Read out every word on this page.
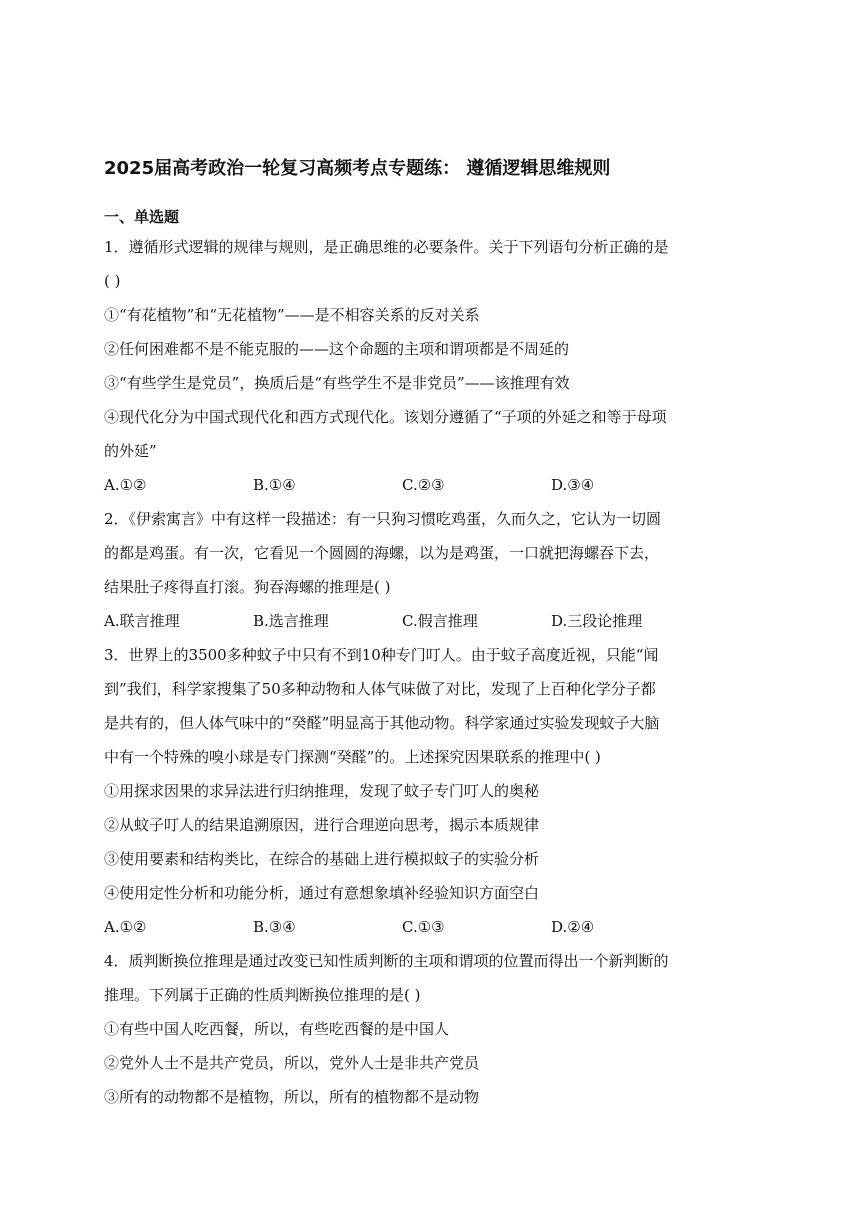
2025届高考政治一轮复习高频考点专题练： 遵循逻辑思维规则
一、单选题
1．遵循形式逻辑的规律与规则，是正确思维的必要条件。关于下列语句分析正确的是
( )
①“有花植物”和“无花植物”——是不相容关系的反对关系
②任何困难都不是不能克服的——这个命题的主项和谓项都是不周延的
③“有些学生是党员”，换质后是“有些学生不是非党员”——该推理有效
④现代化分为中国式现代化和西方式现代化。该划分遵循了“子项的外延之和等于母项
的外延”
A.①②	B.①④	C.②③	D.③④
2．《伊索寓言》中有这样一段描述：有一只狗习惯吃鸡蛋，久而久之，它认为一切圆
的都是鸡蛋。有一次，它看见一个圆圆的海螺，以为是鸡蛋，一口就把海螺吞下去，
结果肚子疼得直打滚。狗吞海螺的推理是( )
A.联言推理	B.选言推理	C.假言推理	D.三段论推理
3．世界上的3500多种蚊子中只有不到10种专门叮人。由于蚊子高度近视，只能“闻
到”我们，科学家搜集了50多种动物和人体气味做了对比，发现了上百种化学分子都
是共有的，但人体气味中的“癸醛”明显高于其他动物。科学家通过实验发现蚊子大脑
中有一个特殊的嗅小球是专门探测“癸醛”的。上述探究因果联系的推理中( )
①用探求因果的求异法进行归纳推理，发现了蚊子专门叮人的奥秘
②从蚊子叮人的结果追溯原因，进行合理逆向思考，揭示本质规律
③使用要素和结构类比，在综合的基础上进行模拟蚊子的实验分析
④使用定性分析和功能分析，通过有意想象填补经验知识方面空白
A.①②	B.③④	C.①③	D.②④
4．质判断换位推理是通过改变已知性质判断的主项和谓项的位置而得出一个新判断的
推理。下列属于正确的性质判断换位推理的是( )
①有些中国人吃西餐，所以，有些吃西餐的是中国人
②党外人士不是共产党员，所以，党外人士是非共产党员
③所有的动物都不是植物，所以，所有的植物都不是动物
